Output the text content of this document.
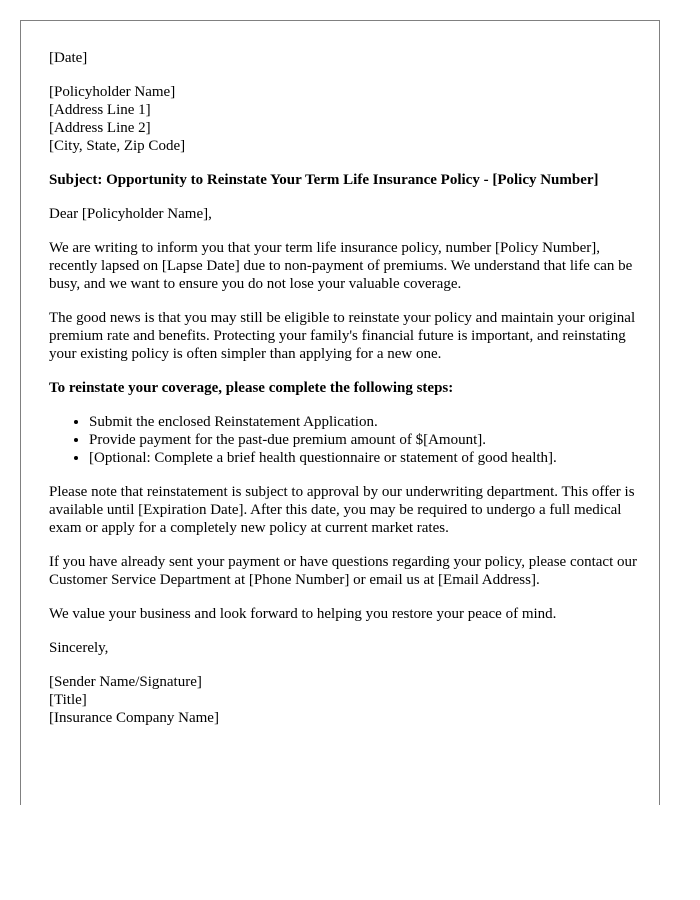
[Date]

[Policyholder Name]
[Address Line 1]
[Address Line 2]
[City, State, Zip Code]

Subject: Opportunity to Reinstate Your Term Life Insurance Policy - [Policy Number]

Dear [Policyholder Name],

We are writing to inform you that your term life insurance policy, number [Policy Number], recently lapsed on [Lapse Date] due to non-payment of premiums. We understand that life can be busy, and we want to ensure you do not lose your valuable coverage.

The good news is that you may still be eligible to reinstate your policy and maintain your original premium rate and benefits. Protecting your family's financial future is important, and reinstating your existing policy is often simpler than applying for a new one.

To reinstate your coverage, please complete the following steps:

• Submit the enclosed Reinstatement Application.
• Provide payment for the past-due premium amount of $[Amount].
• [Optional: Complete a brief health questionnaire or statement of good health].

Please note that reinstatement is subject to approval by our underwriting department. This offer is available until [Expiration Date]. After this date, you may be required to undergo a full medical exam or apply for a completely new policy at current market rates.

If you have already sent your payment or have questions regarding your policy, please contact our Customer Service Department at [Phone Number] or email us at [Email Address].

We value your business and look forward to helping you restore your peace of mind.

Sincerely,

[Sender Name/Signature]
[Title]
[Insurance Company Name]
